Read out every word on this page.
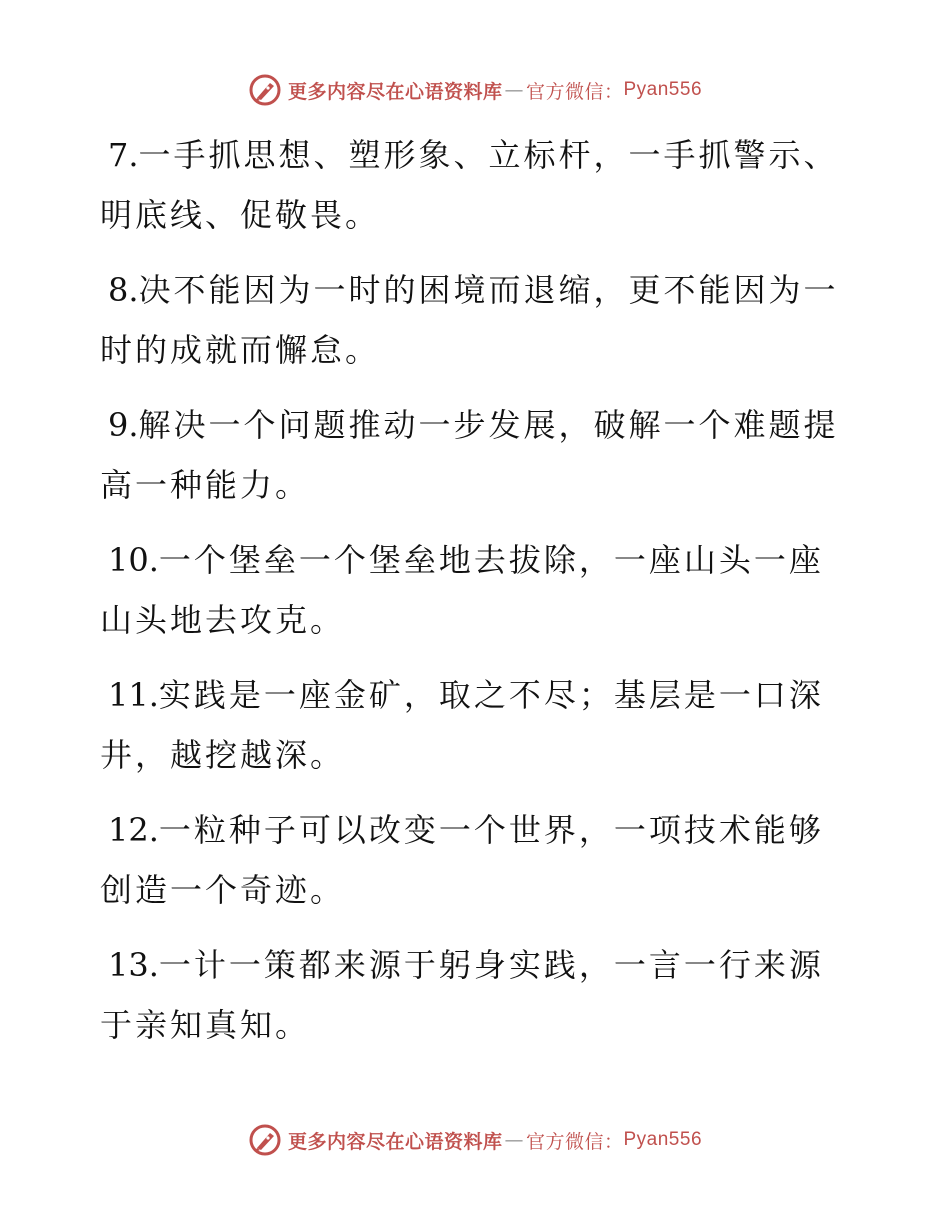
更多内容尽在心语资料库 — 官方微信： Pyan556

7.一手抓思想、塑形象、立标杆，一手抓警示、明底线、促敬畏。

8.决不能因为一时的困境而退缩，更不能因为一时的成就而懈怠。

9.解决一个问题推动一步发展，破解一个难题提高一种能力。

10.一个堡垒一个堡垒地去拔除，一座山头一座山头地去攻克。

11.实践是一座金矿，取之不尽；基层是一口深井，越挖越深。

12.一粒种子可以改变一个世界，一项技术能够创造一个奇迹。

13.一计一策都来源于躬身实践，一言一行来源于亲知真知。

更多内容尽在心语资料库 — 官方微信： Pyan556
